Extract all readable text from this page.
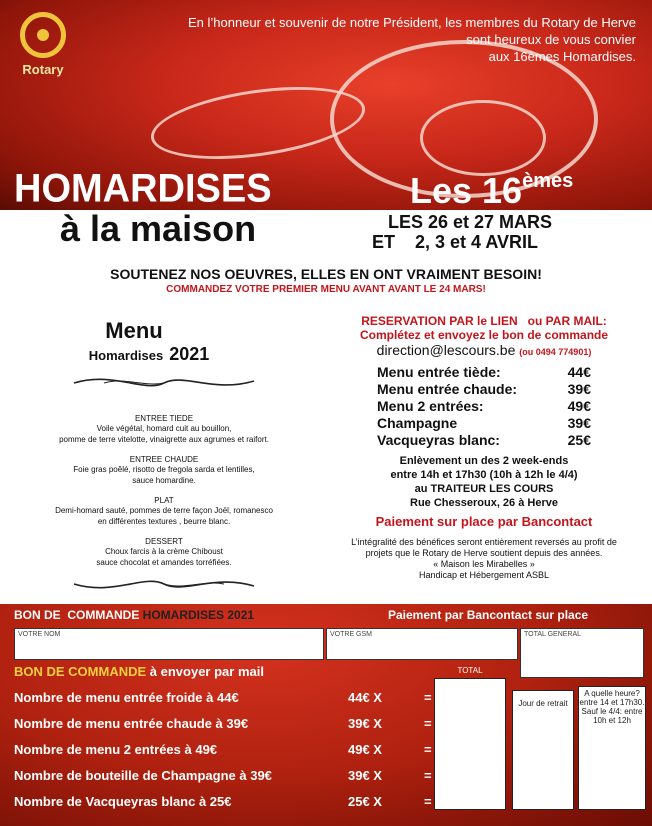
Rotary
En l’honneur et souvenir de notre Président, les membres du Rotary de Herve
sont heureux de vous convier
aux 16èmes Homardises.
HOMARDISES	Les 16èmes
à la maison	LES 26 et 27 MARS
ET    2, 3 et 4 AVRIL
SOUTENEZ NOS OEUVRES, ELLES EN ONT VRAIMENT BESOIN!
COMMANDEZ VOTRE PREMIER MENU AVANT AVANT LE 24 MARS!
Menu
Homardises 2021
ENTREE TIEDE
Voile végétal, homard cuit au bouillon,
pomme de terre vitelotte, vinaigrette aux agrumes et raifort.
ENTREE CHAUDE
Foie gras poêlé, risotto de fregola sarda et lentilles,
sauce homardine.
PLAT
Demi-homard sauté, pommes de terre façon Joël, romanesco
en différentes textures , beurre blanc.
DESSERT
Choux farcis à la crème Chiboust
sauce chocolat et amandes torréfiées.
RESERVATION PAR le LIEN   ou PAR MAIL:
Complétez et envoyez le bon de commande
direction@lescours.be (ou 0494 774901)
Menu entrée tiède:	44€
Menu entrée chaude:	39€
Menu 2 entrées:	49€
Champagne	39€
Vacqueyras blanc:	25€
Enlèvement un des 2 week-ends
entre 14h et 17h30 (10h à 12h le 4/4)
au TRAITEUR LES COURS
Rue Chesseroux, 26 à Herve
Paiement sur place par Bancontact
L’intégralité des bénéfices seront entièrement reversés au profit de
projets que le Rotary de Herve soutient depuis des années.
« Maison les Mirabelles »
Handicap et Hébergement ASBL
BON DE  COMMANDE HOMARDISES 2021	Paiement par Bancontact sur place
VOTRE NOM	VOTRE GSM	TOTAL GENERAL
BON DE COMMANDE à envoyer par mail	TOTAL
Jour de retrait
A quelle heure? entre 14 et 17h30. Sauf le 4/4: entre 10h et 12h
Nombre de menu entrée froide à 44€	44€ X	=
Nombre de menu entrée chaude à 39€	39€ X	=
Nombre de menu 2 entrées à 49€	49€ X	=
Nombre de bouteille de Champagne à 39€	39€ X	=
Nombre de Vacqueyras blanc à 25€	25€ X	=
